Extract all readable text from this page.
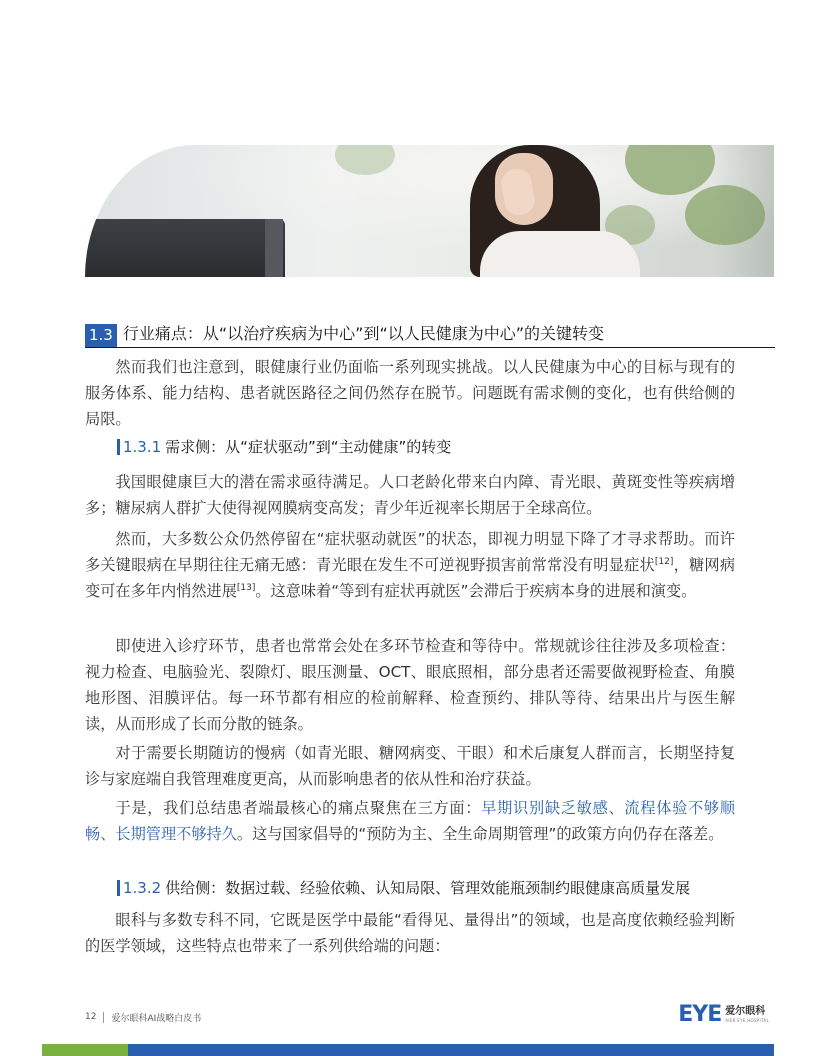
1.3 行业痛点：从“以治疗疾病为中心”到“以人民健康为中心”的关键转变

然而我们也注意到，眼健康行业仍面临一系列现实挑战。以人民健康为中心的目标与现有的服务体系、能力结构、患者就医路径之间仍然存在脱节。问题既有需求侧的变化，也有供给侧的局限。

1.3.1 需求侧：从“症状驱动”到“主动健康”的转变

我国眼健康巨大的潜在需求亟待满足。人口老龄化带来白内障、青光眼、黄斑变性等疾病增多；糖尿病人群扩大使得视网膜病变高发；青少年近视率长期居于全球高位。

然而，大多数公众仍然停留在“症状驱动就医”的状态，即视力明显下降了才寻求帮助。而许多关键眼病在早期往往无痛无感：青光眼在发生不可逆视野损害前常常没有明显症状[12]，糖网病变可在多年内悄然进展[13]。这意味着“等到有症状再就医”会滞后于疾病本身的进展和演变。

即使进入诊疗环节，患者也常常会处在多环节检查和等待中。常规就诊往往涉及多项检查：视力检查、电脑验光、裂隙灯、眼压测量、OCT、眼底照相，部分患者还需要做视野检查、角膜地形图、泪膜评估。每一环节都有相应的检前解释、检查预约、排队等待、结果出片与医生解读，从而形成了长而分散的链条。

对于需要长期随访的慢病（如青光眼、糖网病变、干眼）和术后康复人群而言，长期坚持复诊与家庭端自我管理难度更高，从而影响患者的依从性和治疗获益。

于是，我们总结患者端最核心的痛点聚焦在三方面：早期识别缺乏敏感、流程体验不够顺畅、长期管理不够持久。这与国家倡导的“预防为主、全生命周期管理”的政策方向仍存在落差。

1.3.2 供给侧：数据过载、经验依赖、认知局限、管理效能瓶颈制约眼健康高质量发展

眼科与多数专科不同，它既是医学中最能“看得见、量得出”的领域，也是高度依赖经验判断的医学领域，这些特点也带来了一系列供给端的问题：

12 爱尔眼科AI战略白皮书	EYE 爱尔眼科
AIER EYE HOSPITAL
